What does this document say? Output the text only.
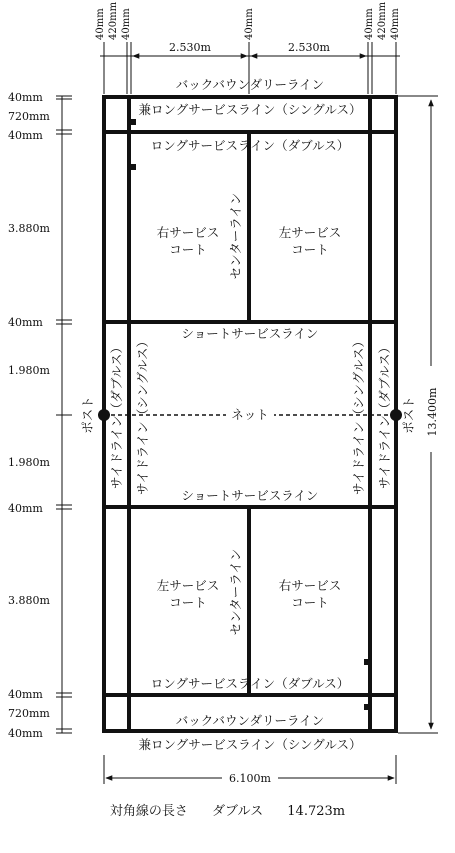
40mm 420mm 40mm
2.530m
40mm
2.530m
40mm 420mm 40mm
40mm
720mm
40mm
3.880m
40mm
1.980m
1.980m
40mm
3.880m
40mm
720mm
40mm
13.400m
バックバウンダリーライン
兼ロングサービスライン（シングルス）
ロングサービスライン（ダブルス）
ショートサービスライン
ショートサービスライン
ロングサービスライン（ダブルス）
バックバウンダリーライン
兼ロングサービスライン（シングルス）
ネット
センターライン
センターライン
右サービス
コート
左サービス
コート
左サービス
コート
右サービス
コート
サイドライン（ダブルス） サイドライン（シングルス）	サイドライン（シングルス） サイドライン（ダブルス）
ポスト	ポスト
6.100m
対角線の長さ ダブルス 14.723m
